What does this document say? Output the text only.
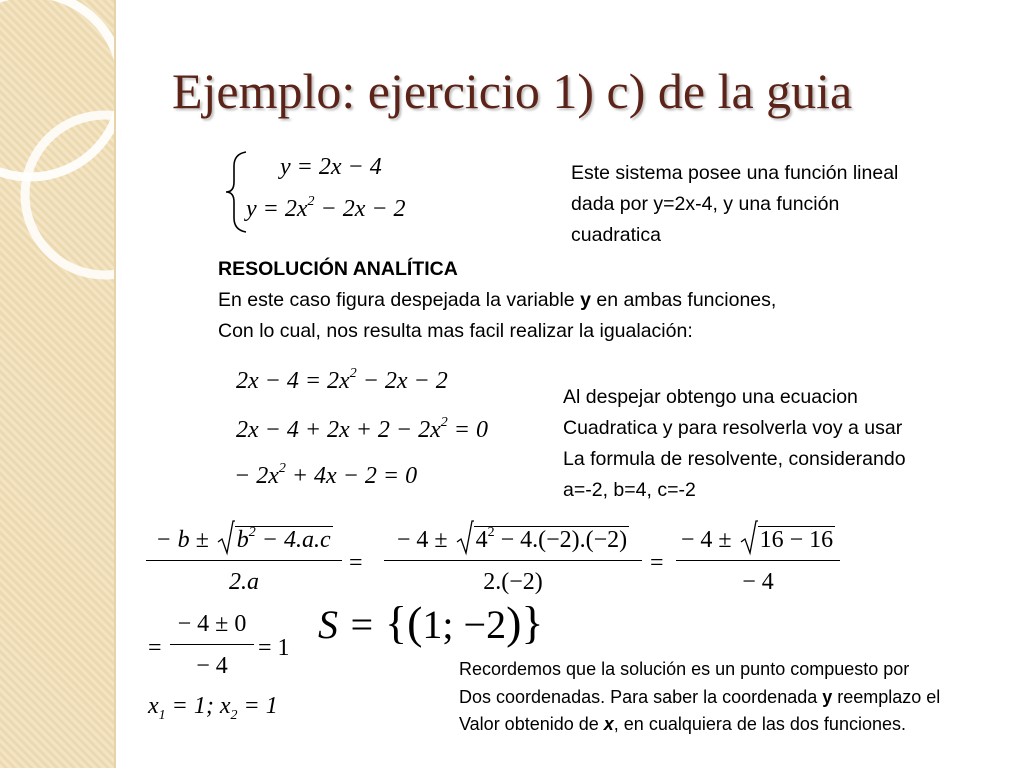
Ejemplo: ejercicio 1) c) de la guia
y = 2x − 4
$y = 2x^2 - 2x - 2$
Este sistema posee una función lineal
dada por y=2x-4, y una función
cuadratica
RESOLUCIÓN ANALÍTICA
En este caso figura despejada la variable y en ambas funciones,
Con lo cual, nos resulta mas facil realizar la igualación:
$2x - 4 = 2x^2 - 2x - 2$
$2x - 4 + 2x + 2 - 2x^2 = 0$
− $2x^2 + 4x - 2 = 0$
Al despejar obtengo una ecuacion
Cuadratica y para resolverla voy a usar
La formula de resolvente, considerando
a=-2, b=4, c=-2
− $b \pm b^2 - 4.a.c$
2.a
=
− $4 \pm 4^2 - 4.(-2).(-2)$
2.(−2)
=
− 4 ± 16 − 16
− 4
=
− 4 ± 0
− 4
= 1
$x_1 = 1$; $x_2 = 1$
S = {(1; −2)}
Recordemos que la solución es un punto compuesto por
Dos coordenadas. Para saber la coordenada y reemplazo el
Valor obtenido de x, en cualquiera de las dos funciones.
